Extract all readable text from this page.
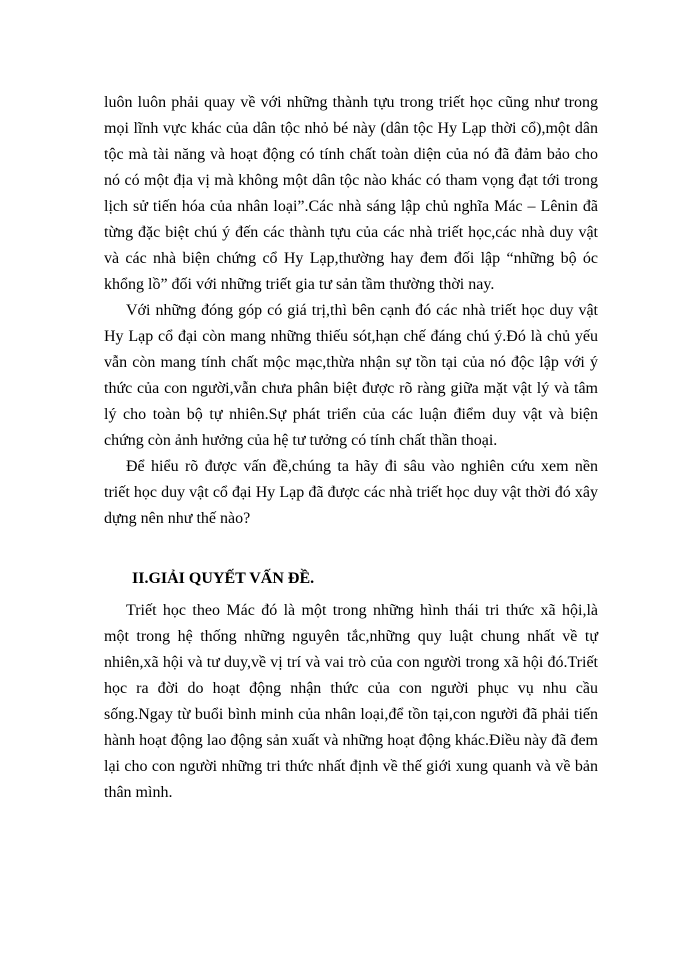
luôn luôn phải quay về với những thành tựu trong triết học cũng như trong
mọi lĩnh vực khác của dân tộc nhỏ bé này (dân tộc Hy Lạp thời cổ),một dân
tộc mà tài năng và hoạt động có tính chất toàn diện của nó đã đảm bảo cho
nó có một địa vị mà không một dân tộc nào khác có tham vọng đạt tới trong
lịch sử tiến hóa của nhân loại”.Các nhà sáng lập chủ nghĩa Mác – Lênin đã
từng đặc biệt chú ý đến các thành tựu của các nhà triết học,các nhà duy vật
và các nhà biện chứng cổ Hy Lạp,thường hay đem đối lập “những bộ óc
khổng lồ” đối với những triết gia tư sản tầm thường thời nay.
Với những đóng góp có giá trị,thì bên cạnh đó các nhà triết học duy vật
Hy Lạp cổ đại còn mang những thiếu sót,hạn chế đáng chú ý.Đó là chủ yếu
vẫn còn mang tính chất mộc mạc,thừa nhận sự tồn tại của nó độc lập với ý
thức của con người,vẫn chưa phân biệt được rõ ràng giữa mặt vật lý và tâm
lý cho toàn bộ tự nhiên.Sự phát triển của các luận điểm duy vật và biện
chứng còn ảnh hưởng của hệ tư tưởng có tính chất thần thoại.
Để hiểu rõ được vấn đề,chúng ta hãy đi sâu vào nghiên cứu xem nền
triết học duy vật cổ đại Hy Lạp đã được các nhà triết học duy vật thời đó xây
dựng nên như thế nào?
II.GIẢI QUYẾT VẤN ĐỀ.
Triết học theo Mác đó là một trong những hình thái tri thức xã hội,là
một trong hệ thống những nguyên tắc,những quy luật chung nhất về tự
nhiên,xã hội và tư duy,về vị trí và vai trò của con người trong xã hội đó.Triết
học ra đời do hoạt động nhận thức của con người phục vụ nhu cầu
sống.Ngay từ buổi bình minh của nhân loại,để tồn tại,con người đã phải tiến
hành hoạt động lao động sản xuất và những hoạt động khác.Điều này đã đem
lại cho con người những tri thức nhất định về thế giới xung quanh và về bản
thân mình.
